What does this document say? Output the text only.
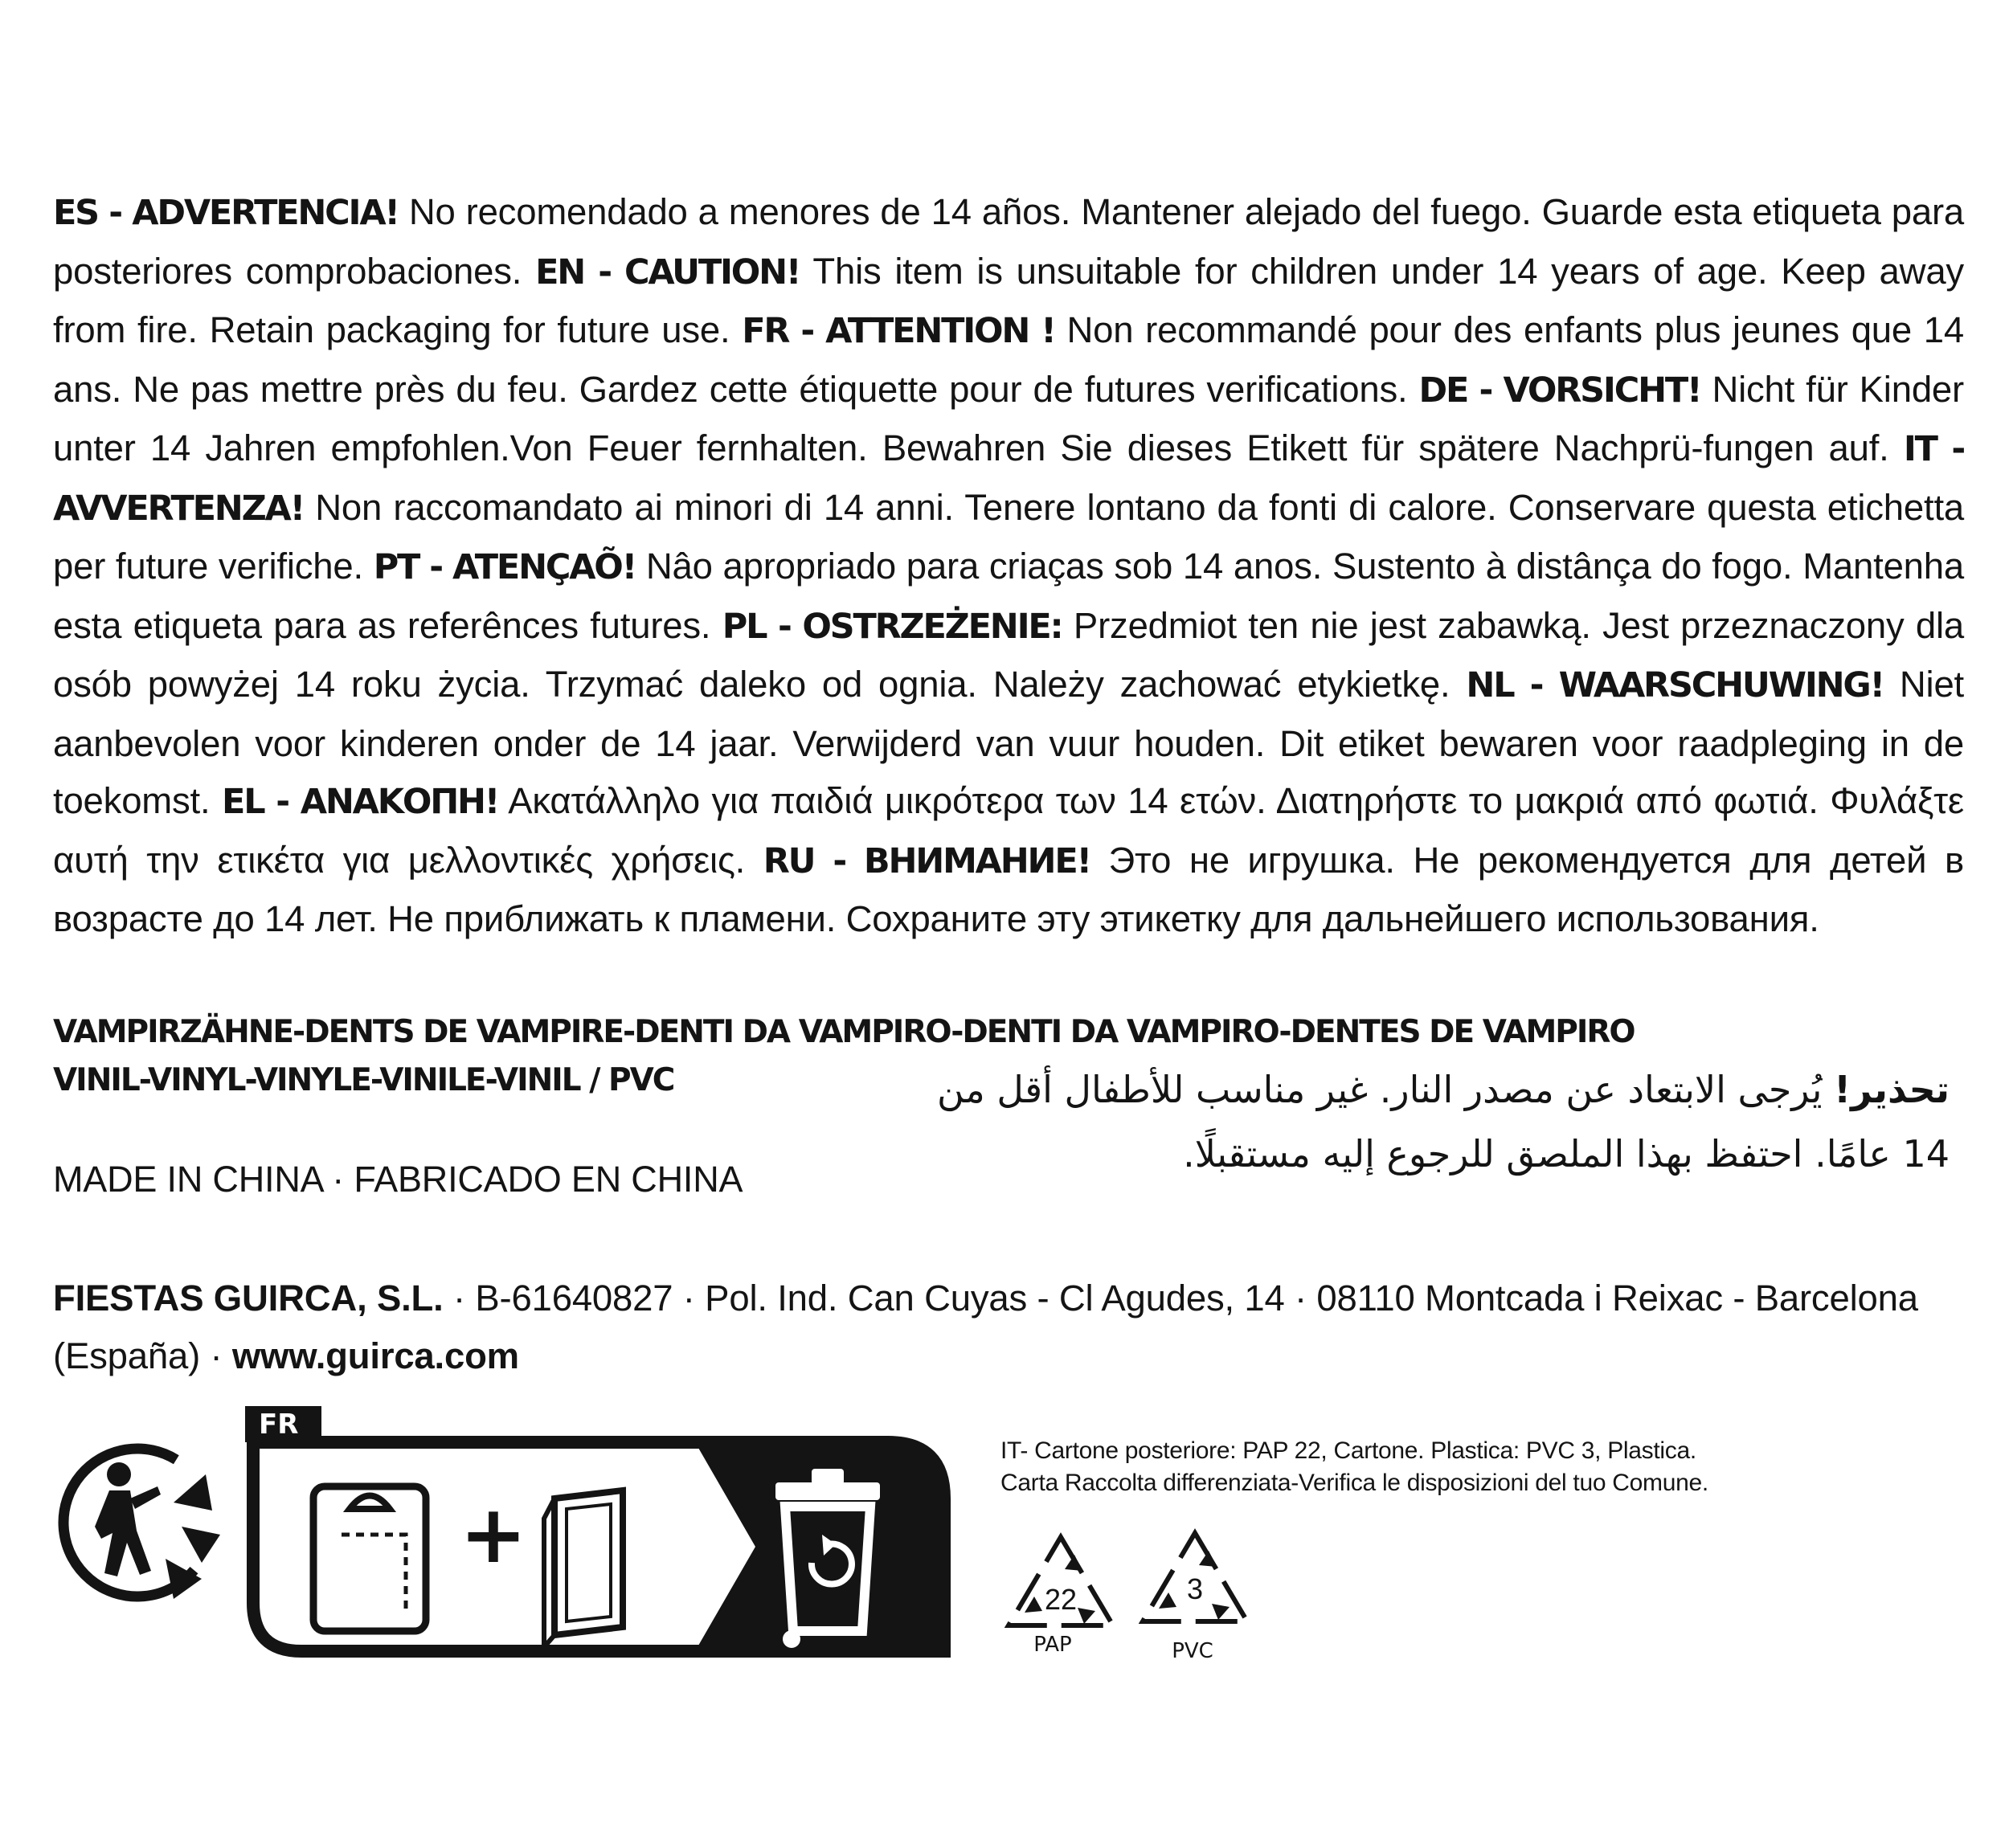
ES - ADVERTENCIA! No recomendado a menores de 14 años. Mantener alejado del fuego. Guarde esta etiqueta para posteriores comprobaciones. EN - CAUTION! This item is unsuitable for children under 14 years of age. Keep away from fire. Retain packaging for future use. FR - ATTENTION ! Non recommandé pour des enfants plus jeunes que 14 ans. Ne pas mettre près du feu. Gardez cette étiquette pour de futures verifications. DE - VORSICHT! Nicht für Kinder unter 14 Jahren empfohlen.Von Feuer fernhalten. Bewahren Sie dieses Etikett für spätere Nachprü-fungen auf. IT - AVVERTENZA! Non raccomandato ai minori di 14 anni. Tenere lontano da fonti di calore. Conservare questa etichetta per future verifiche. PT - ATENÇAÕ! Nâo apropriado para criaças sob 14 anos. Sustento à distânça do fogo. Mantenha esta etiqueta para as referênces futures. PL - OSTRZEŻENIE: Przedmiot ten nie jest zabawką. Jest przeznaczony dla osób powyżej 14 roku życia. Trzymać daleko od ognia. Należy zachować etykietkę. NL - WAARSCHUWING! Niet aanbevolen voor kinderen onder de 14 jaar. Verwijderd van vuur houden. Dit etiket bewaren voor raadpleging in de toekomst. EL - ΑΝΑΚΟΠΗ! Ακατάλληλο για παιδιά μικρότερα των 14 ετών. Διατηρήστε το μακριά από φωτιά. Φυλάξτε αυτή την ετικέτα για μελλοντικές χρήσεις. RU - ВНИМАНИЕ! Это не игрушка. Не рекомендуется для детей в возрасте до 14 лет. Не приближать к пламени. Сохраните эту этикетку для дальнейшего использования.
VAMPIRZÄHNE-DENTS DE VAMPIRE-DENTI DA VAMPIRO-DENTI DA VAMPIRO-DENTES DE VAMPIRO
VINIL-VINYL-VINYLE-VINILE-VINIL / PVC	تحذير! يُرجى الابتعاد عن مصدر النار. غير مناسب للأطفال أقل من 14 عامًا. احتفظ بهذا الملصق للرجوع إليه مستقبلًا.
MADE IN CHINA · FABRICADO EN CHINA
FIESTAS GUIRCA, S.L. · B-61640827 · Pol. Ind. Can Cuyas - Cl Agudes, 14 · 08110 Montcada i Reixac - Barcelona (España) · www.guirca.com
FR
+
IT- Cartone posteriore: PAP 22, Cartone. Plastica: PVC 3, Plastica.
Carta Raccolta differenziata-Verifica le disposizioni del tuo Comune.
22
PAP
3
PVC
